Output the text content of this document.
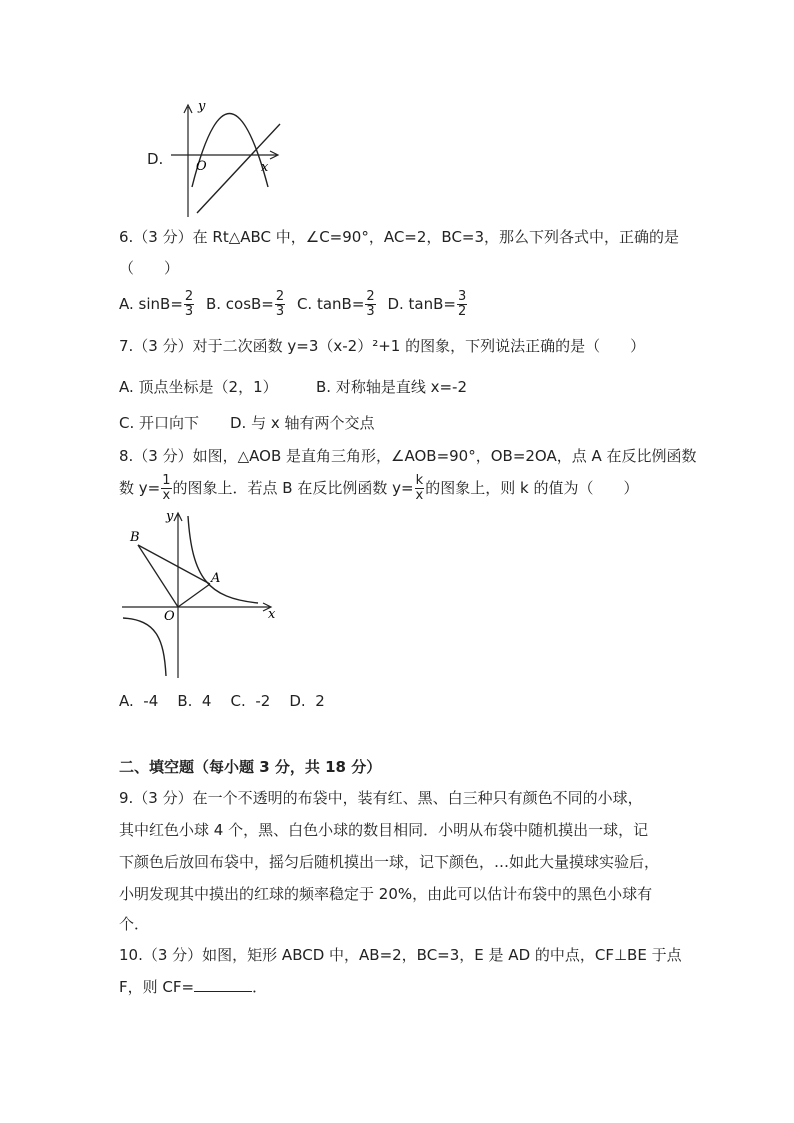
D.
y
x
O
6.（3 分）在 Rt△ABC 中，∠C=90°，AC=2，BC=3，那么下列各式中，正确的是
（　　）
A. $\sin B= \frac{2}{3} B$. $\cos B= \frac{2}{3} C$. $\tan B= \frac{2}{3} D$. $\tan B= \frac{3}{2}$
7.（3 分）对于二次函数 y=3（x-2）²+1 的图象，下列说法正确的是（　　）
A. 顶点坐标是（2，1）	B. 对称轴是直线 x=-2
C. 开口向下 D. 与 x 轴有两个交点
8.（3 分）如图，△AOB 是直角三角形，∠AOB=90°，OB=2OA，点 A 在反比例函数
数 $y= \frac{1}{x}$ 的图象上．若点 B 在反比例函数 $y= \frac{k}{x}$ 的图象上，则 k 的值为（　　）
B
A
O	x
y
A.  -4    B.  4    C.  -2    D.  2
二、填空题（每小题 3 分，共 18 分）
9.（3 分）在一个不透明的布袋中，装有红、黑、白三种只有颜色不同的小球，
其中红色小球 4 个，黑、白色小球的数目相同．小明从布袋中随机摸出一球，记
下颜色后放回布袋中，摇匀后随机摸出一球，记下颜色，…如此大量摸球实验后，
小明发现其中摸出的红球的频率稳定于 20%，由此可以估计布袋中的黑色小球有
个．
10.（3 分）如图，矩形 ABCD 中，AB=2，BC=3，E 是 AD 的中点，CF⊥BE 于点
F，则 CF=	．
